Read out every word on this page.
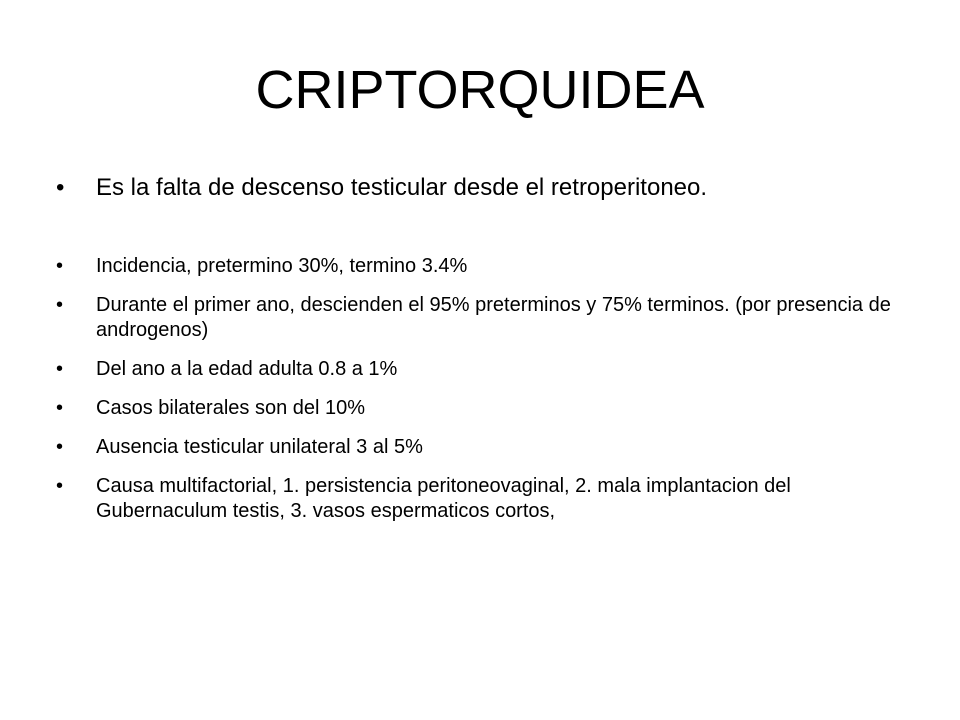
CRIPTORQUIDEA
• Es la falta de descenso testicular desde el retroperitoneo.
• Incidencia, pretermino 30%, termino 3.4%
• Durante el primer ano, descienden el 95% preterminos y 75% terminos. (por presencia de androgenos)
• Del ano a la edad adulta 0.8 a 1%
• Casos bilaterales son del 10%
• Ausencia testicular unilateral 3 al 5%
• Causa multifactorial, 1. persistencia peritoneovaginal, 2. mala implantacion del Gubernaculum testis, 3. vasos espermaticos cortos,
